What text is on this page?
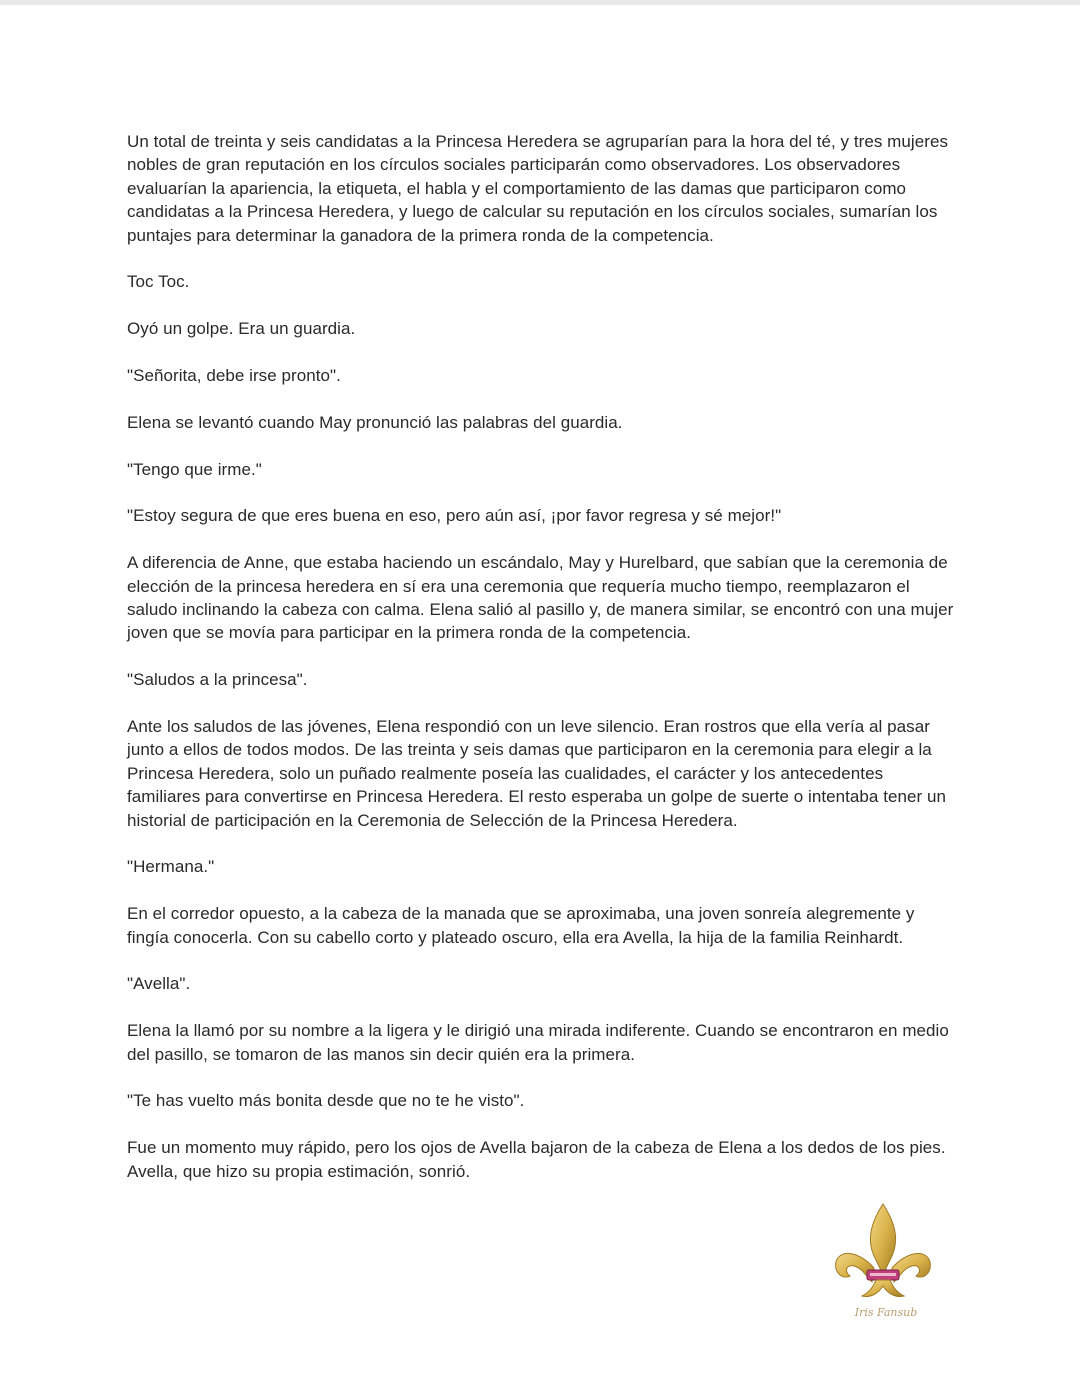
Un total de treinta y seis candidatas a la Princesa Heredera se agruparían para la hora del té, y tres mujeres nobles de gran reputación en los círculos sociales participarán como observadores. Los observadores evaluarían la apariencia, la etiqueta, el habla y el comportamiento de las damas que participaron como candidatas a la Princesa Heredera, y luego de calcular su reputación en los círculos sociales, sumarían los puntajes para determinar la ganadora de la primera ronda de la competencia.

Toc Toc.

Oyó un golpe. Era un guardia.

"Señorita, debe irse pronto".

Elena se levantó cuando May pronunció las palabras del guardia.

"Tengo que irme."

"Estoy segura de que eres buena en eso, pero aún así, ¡por favor regresa y sé mejor!"

A diferencia de Anne, que estaba haciendo un escándalo, May y Hurelbard, que sabían que la ceremonia de elección de la princesa heredera en sí era una ceremonia que requería mucho tiempo, reemplazaron el saludo inclinando la cabeza con calma. Elena salió al pasillo y, de manera similar, se encontró con una mujer joven que se movía para participar en la primera ronda de la competencia.

"Saludos a la princesa".

Ante los saludos de las jóvenes, Elena respondió con un leve silencio. Eran rostros que ella vería al pasar junto a ellos de todos modos. De las treinta y seis damas que participaron en la ceremonia para elegir a la Princesa Heredera, solo un puñado realmente poseía las cualidades, el carácter y los antecedentes familiares para convertirse en Princesa Heredera. El resto esperaba un golpe de suerte o intentaba tener un historial de participación en la Ceremonia de Selección de la Princesa Heredera.

"Hermana."

En el corredor opuesto, a la cabeza de la manada que se aproximaba, una joven sonreía alegremente y fingía conocerla. Con su cabello corto y plateado oscuro, ella era Avella, la hija de la familia Reinhardt.

"Avella".

Elena la llamó por su nombre a la ligera y le dirigió una mirada indiferente. Cuando se encontraron en medio del pasillo, se tomaron de las manos sin decir quién era la primera.

"Te has vuelto más bonita desde que no te he visto".

Fue un momento muy rápido, pero los ojos de Avella bajaron de la cabeza de Elena a los dedos de los pies. Avella, que hizo su propia estimación, sonrió.

Iris Fansub
